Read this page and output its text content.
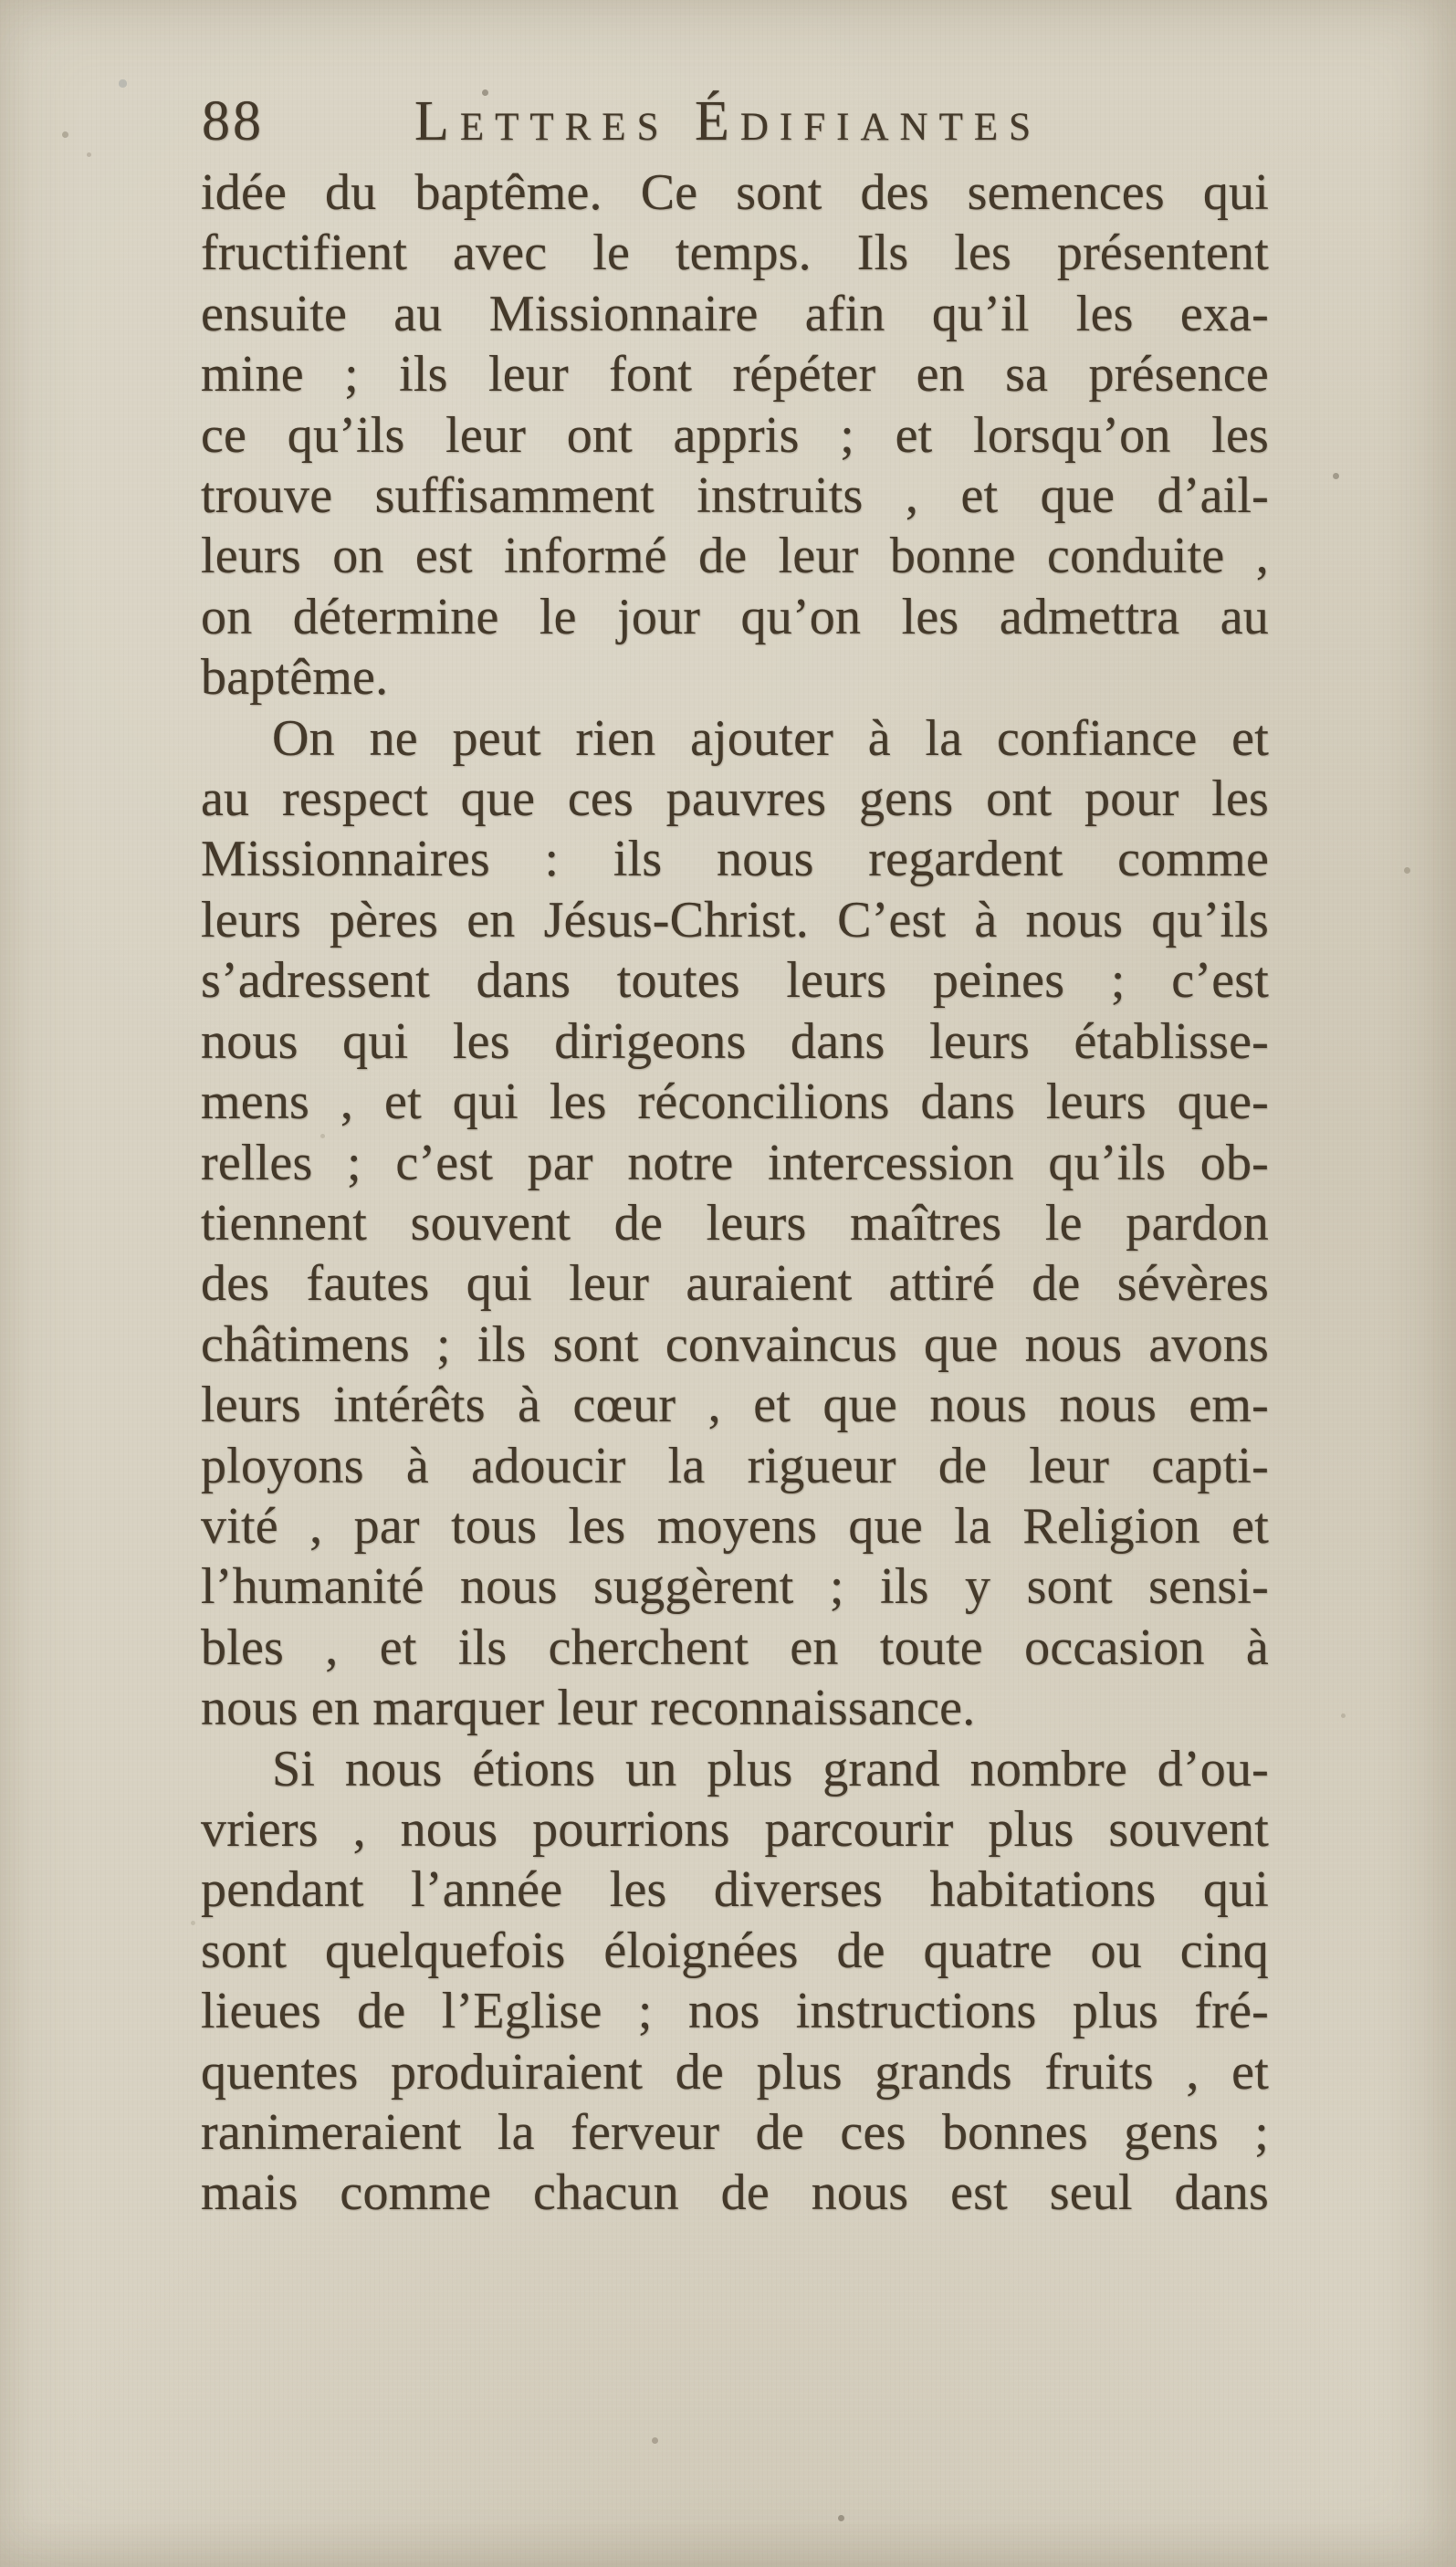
88	Lettres Édifiantes
idée du baptême. Ce sont des semences qui
fructifient avec le temps. Ils les présentent
ensuite au Missionnaire afin qu’il les exa-
mine ; ils leur font répéter en sa présence
ce qu’ils leur ont appris ; et lorsqu’on les
trouve suffisamment instruits , et que d’ail-
leurs on est informé de leur bonne conduite ,
on détermine le jour qu’on les admettra au
baptême.
On ne peut rien ajouter à la confiance et
au respect que ces pauvres gens ont pour les
Missionnaires : ils nous regardent comme
leurs pères en Jésus-Christ. C’est à nous qu’ils
s’adressent dans toutes leurs peines ; c’est
nous qui les dirigeons dans leurs établisse-
mens , et qui les réconcilions dans leurs que-
relles ; c’est par notre intercession qu’ils ob-
tiennent souvent de leurs maîtres le pardon
des fautes qui leur auraient attiré de sévères
châtimens ; ils sont convaincus que nous avons
leurs intérêts à cœur , et que nous nous em-
ployons à adoucir la rigueur de leur capti-
vité , par tous les moyens que la Religion et
l’humanité nous suggèrent ; ils y sont sensi-
bles , et ils cherchent en toute occasion à
nous en marquer leur reconnaissance.
Si nous étions un plus grand nombre d’ou-
vriers , nous pourrions parcourir plus souvent
pendant l’année les diverses habitations qui
sont quelquefois éloignées de quatre ou cinq
lieues de l’Eglise ; nos instructions plus fré-
quentes produiraient de plus grands fruits , et
ranimeraient la ferveur de ces bonnes gens ;
mais comme chacun de nous est seul dans
